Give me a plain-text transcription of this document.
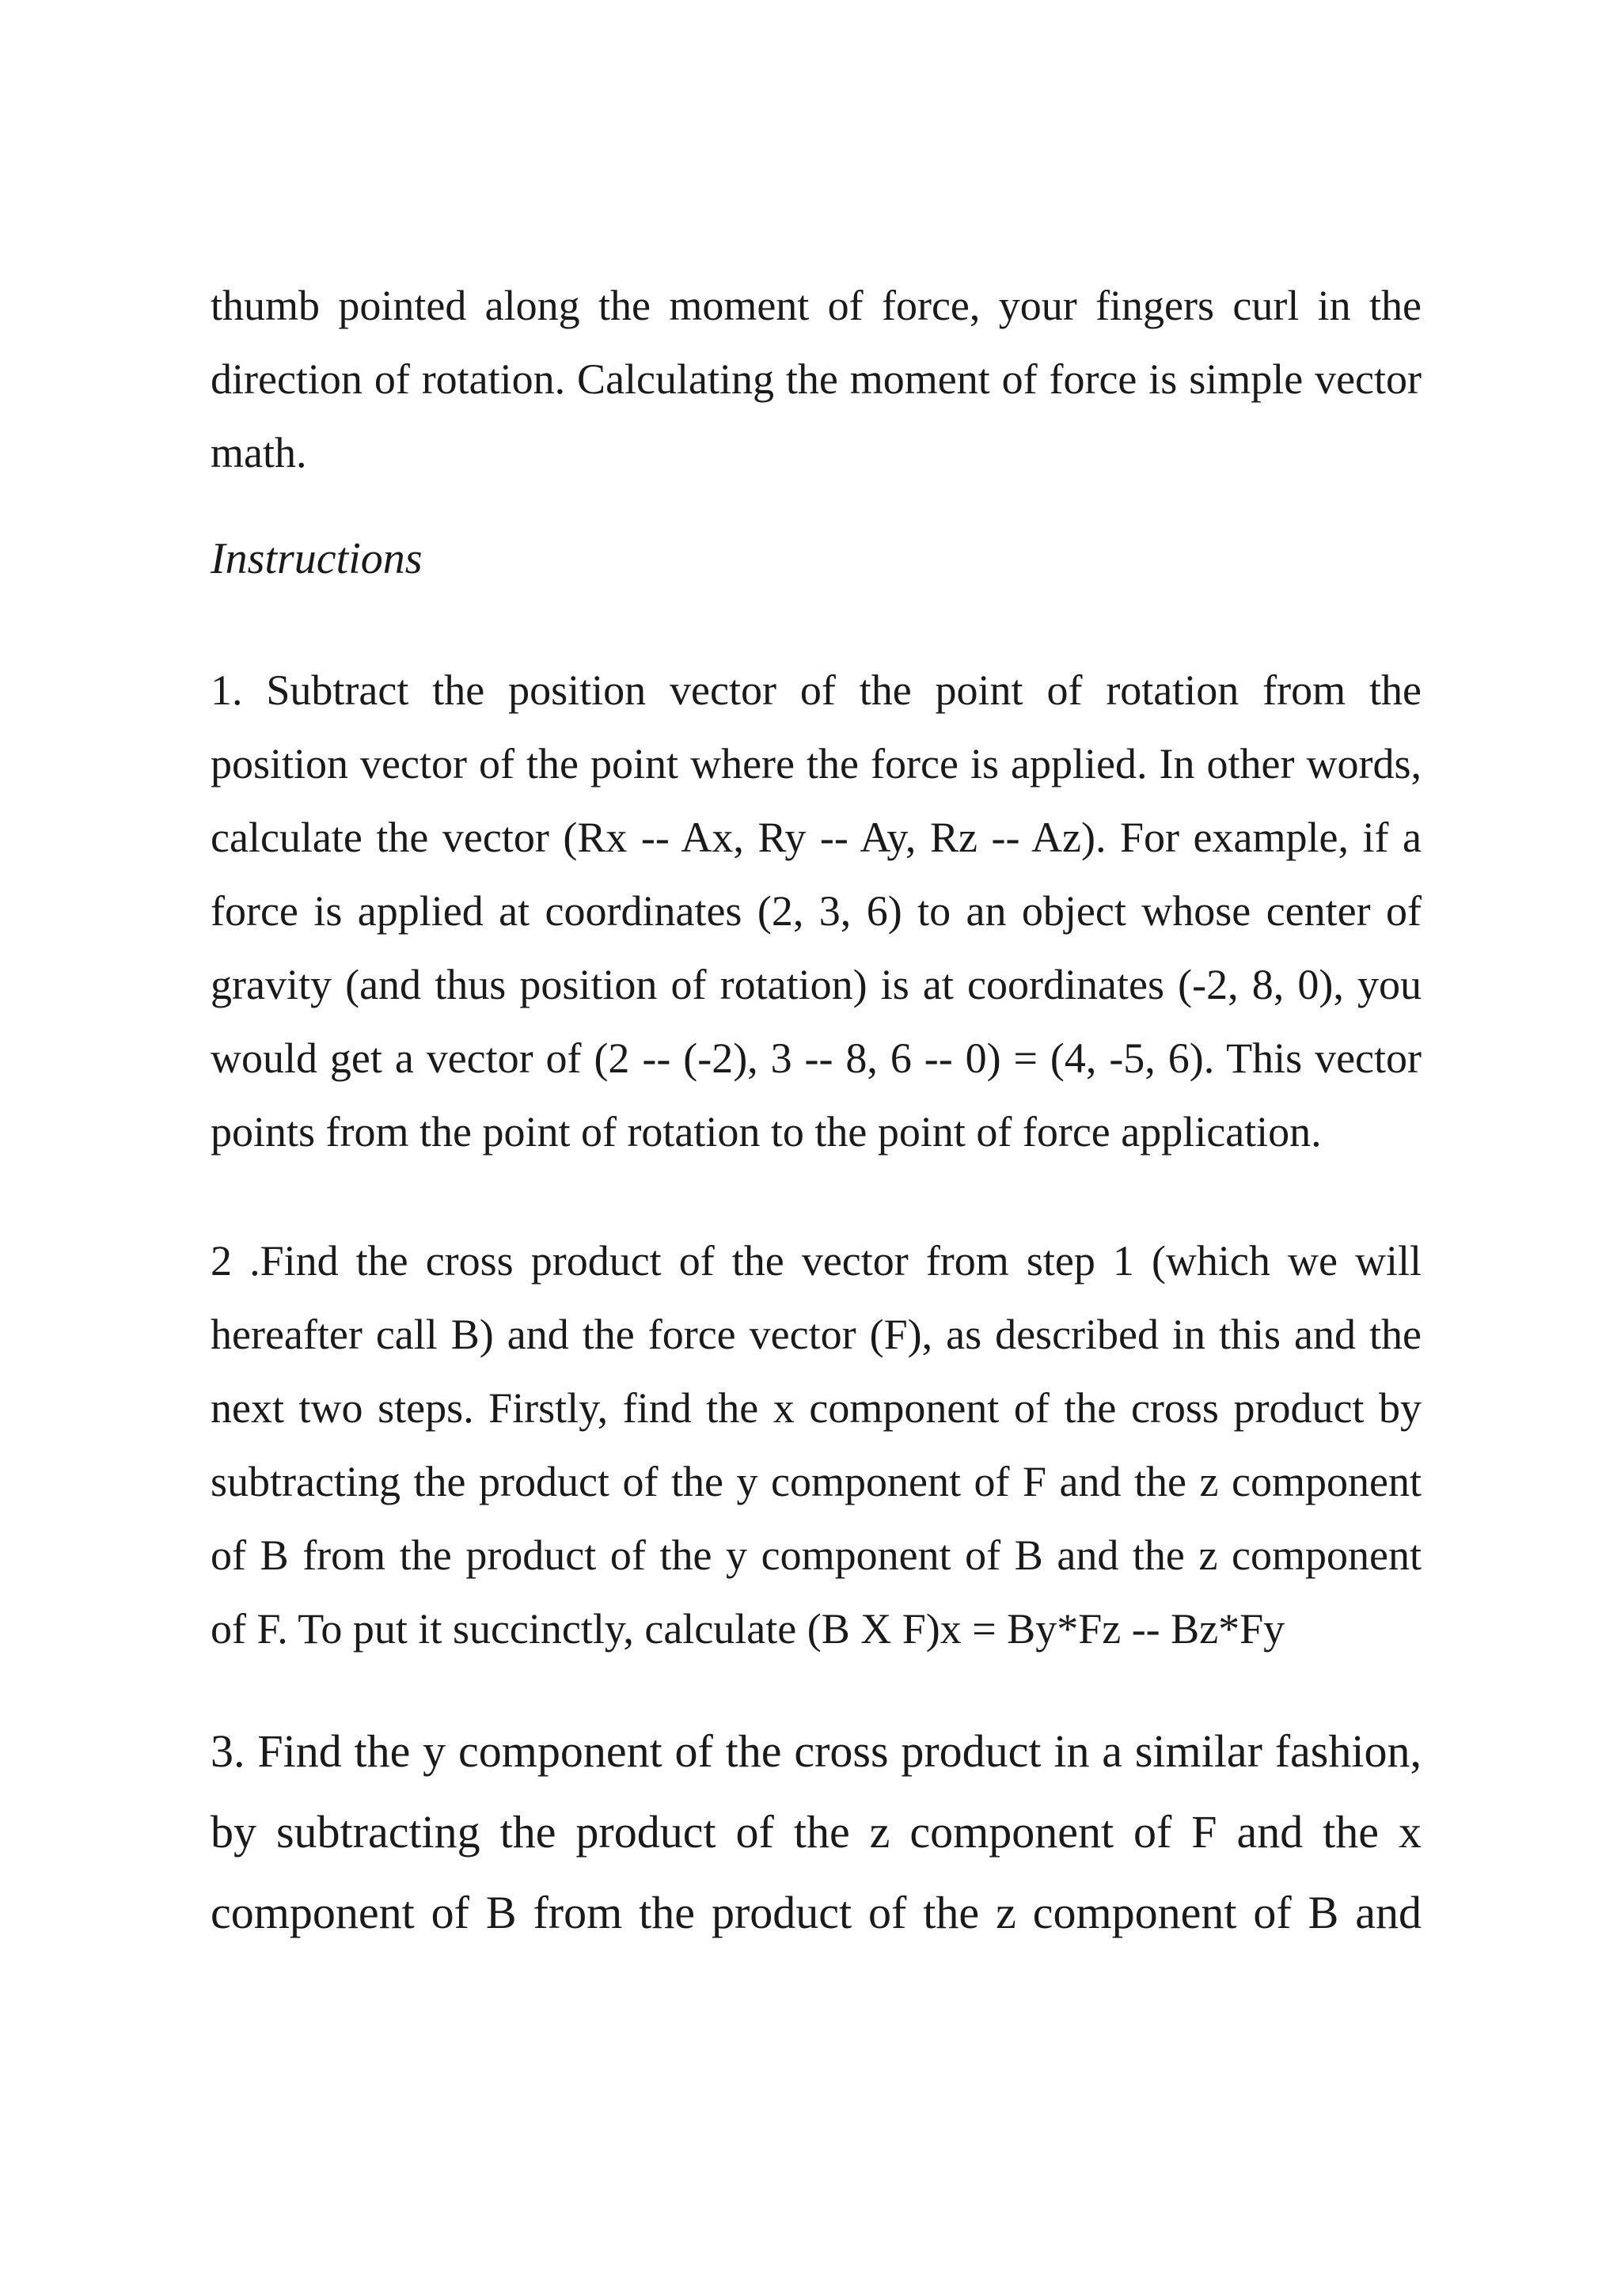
thumb pointed along the moment of force, your fingers curl in the direction of rotation. Calculating the moment of force is simple vector math.

Instructions

1. Subtract the position vector of the point of rotation from the position vector of the point where the force is applied. In other words, calculate the vector (Rx -- Ax, Ry -- Ay, Rz -- Az). For example, if a force is applied at coordinates (2, 3, 6) to an object whose center of gravity (and thus position of rotation) is at coordinates (-2, 8, 0), you would get a vector of (2 -- (-2), 3 -- 8, 6 -- 0) = (4, -5, 6). This vector points from the point of rotation to the point of force application.

2 .Find the cross product of the vector from step 1 (which we will hereafter call B) and the force vector (F), as described in this and the next two steps. Firstly, find the x component of the cross product by subtracting the product of the y component of F and the z component of B from the product of the y component of B and the z component of F. To put it succinctly, calculate (B X F)x = By*Fz -- Bz*Fy

3. Find the y component of the cross product in a similar fashion, by subtracting the product of the z component of F and the x component of B from the product of the z component of B and
